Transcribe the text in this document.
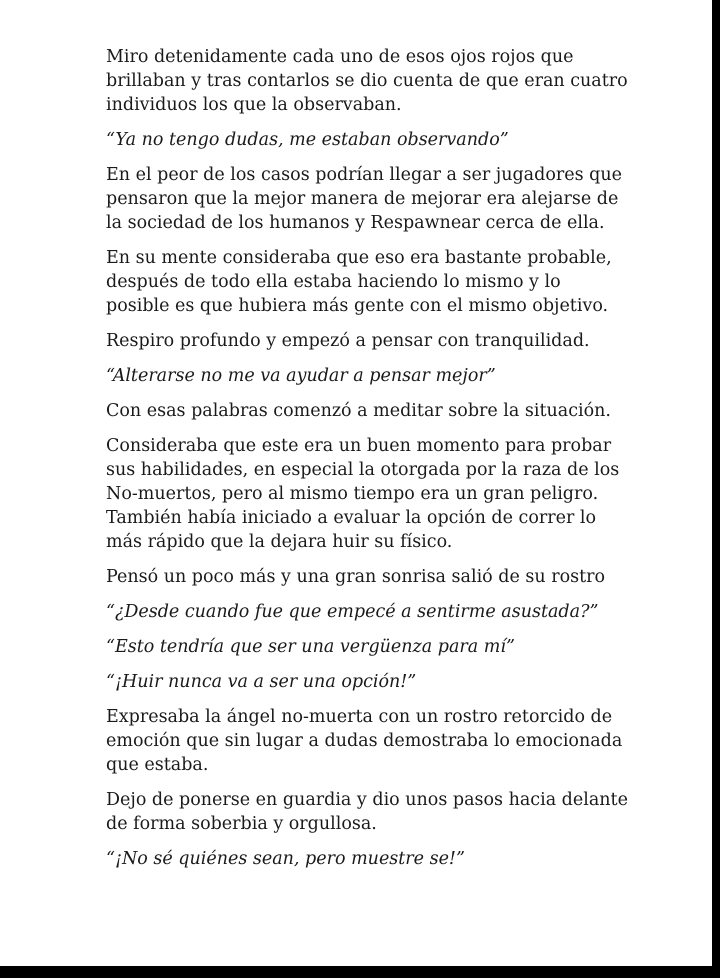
Miro detenidamente cada uno de esos ojos rojos que
brillaban y tras contarlos se dio cuenta de que eran cuatro
individuos los que la observaban.

“Ya no tengo dudas, me estaban observando”

En el peor de los casos podrían llegar a ser jugadores que
pensaron que la mejor manera de mejorar era alejarse de
la sociedad de los humanos y Respawnear cerca de ella.

En su mente consideraba que eso era bastante probable,
después de todo ella estaba haciendo lo mismo y lo
posible es que hubiera más gente con el mismo objetivo.

Respiro profundo y empezó a pensar con tranquilidad.

“Alterarse no me va ayudar a pensar mejor”

Con esas palabras comenzó a meditar sobre la situación.

Consideraba que este era un buen momento para probar
sus habilidades, en especial la otorgada por la raza de los
No-muertos, pero al mismo tiempo era un gran peligro.
También había iniciado a evaluar la opción de correr lo
más rápido que la dejara huir su físico.

Pensó un poco más y una gran sonrisa salió de su rostro

“¿Desde cuando fue que empecé a sentirme asustada?”

“Esto tendría que ser una vergüenza para mí”

“¡Huir nunca va a ser una opción!”

Expresaba la ángel no-muerta con un rostro retorcido de
emoción que sin lugar a dudas demostraba lo emocionada
que estaba.

Dejo de ponerse en guardia y dio unos pasos hacia delante
de forma soberbia y orgullosa.

“¡No sé quiénes sean, pero muestre se!”
